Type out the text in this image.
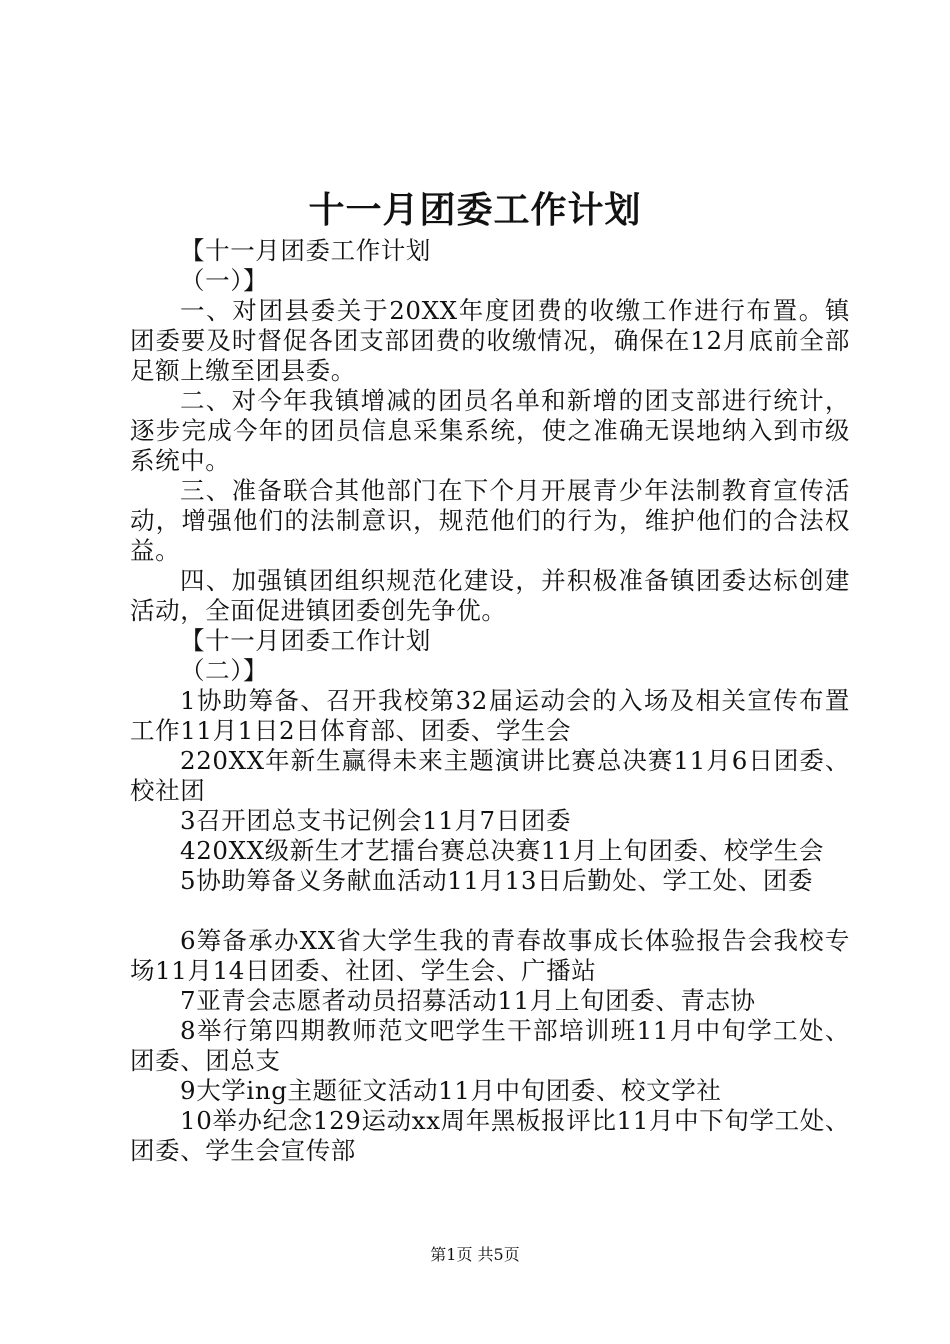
十一月团委工作计划

【十一月团委工作计划

（一）】

一、对团县委关于20XX年度团费的收缴工作进行布置。镇团委要及时督促各团支部团费的收缴情况，确保在12月底前全部足额上缴至团县委。

二、对今年我镇增减的团员名单和新增的团支部进行统计，逐步完成今年的团员信息采集系统，使之准确无误地纳入到市级系统中。

三、准备联合其他部门在下个月开展青少年法制教育宣传活动，增强他们的法制意识，规范他们的行为，维护他们的合法权益。

四、加强镇团组织规范化建设，并积极准备镇团委达标创建活动，全面促进镇团委创先争优。

【十一月团委工作计划

（二）】

1协助筹备、召开我校第32届运动会的入场及相关宣传布置工作11月1日2日体育部、团委、学生会

220XX年新生赢得未来主题演讲比赛总决赛11月6日团委、校社团

3召开团总支书记例会11月7日团委

420XX级新生才艺擂台赛总决赛11月上旬团委、校学生会

5协助筹备义务献血活动11月13日后勤处、学工处、团委

6筹备承办XX省大学生我的青春故事成长体验报告会我校专场11月14日团委、社团、学生会、广播站

7亚青会志愿者动员招募活动11月上旬团委、青志协

8举行第四期教师范文吧学生干部培训班11月中旬学工处、团委、团总支

9大学ing主题征文活动11月中旬团委、校文学社

10举办纪念129运动xx周年黑板报评比11月中下旬学工处、团委、学生会宣传部

第1页 共5页
